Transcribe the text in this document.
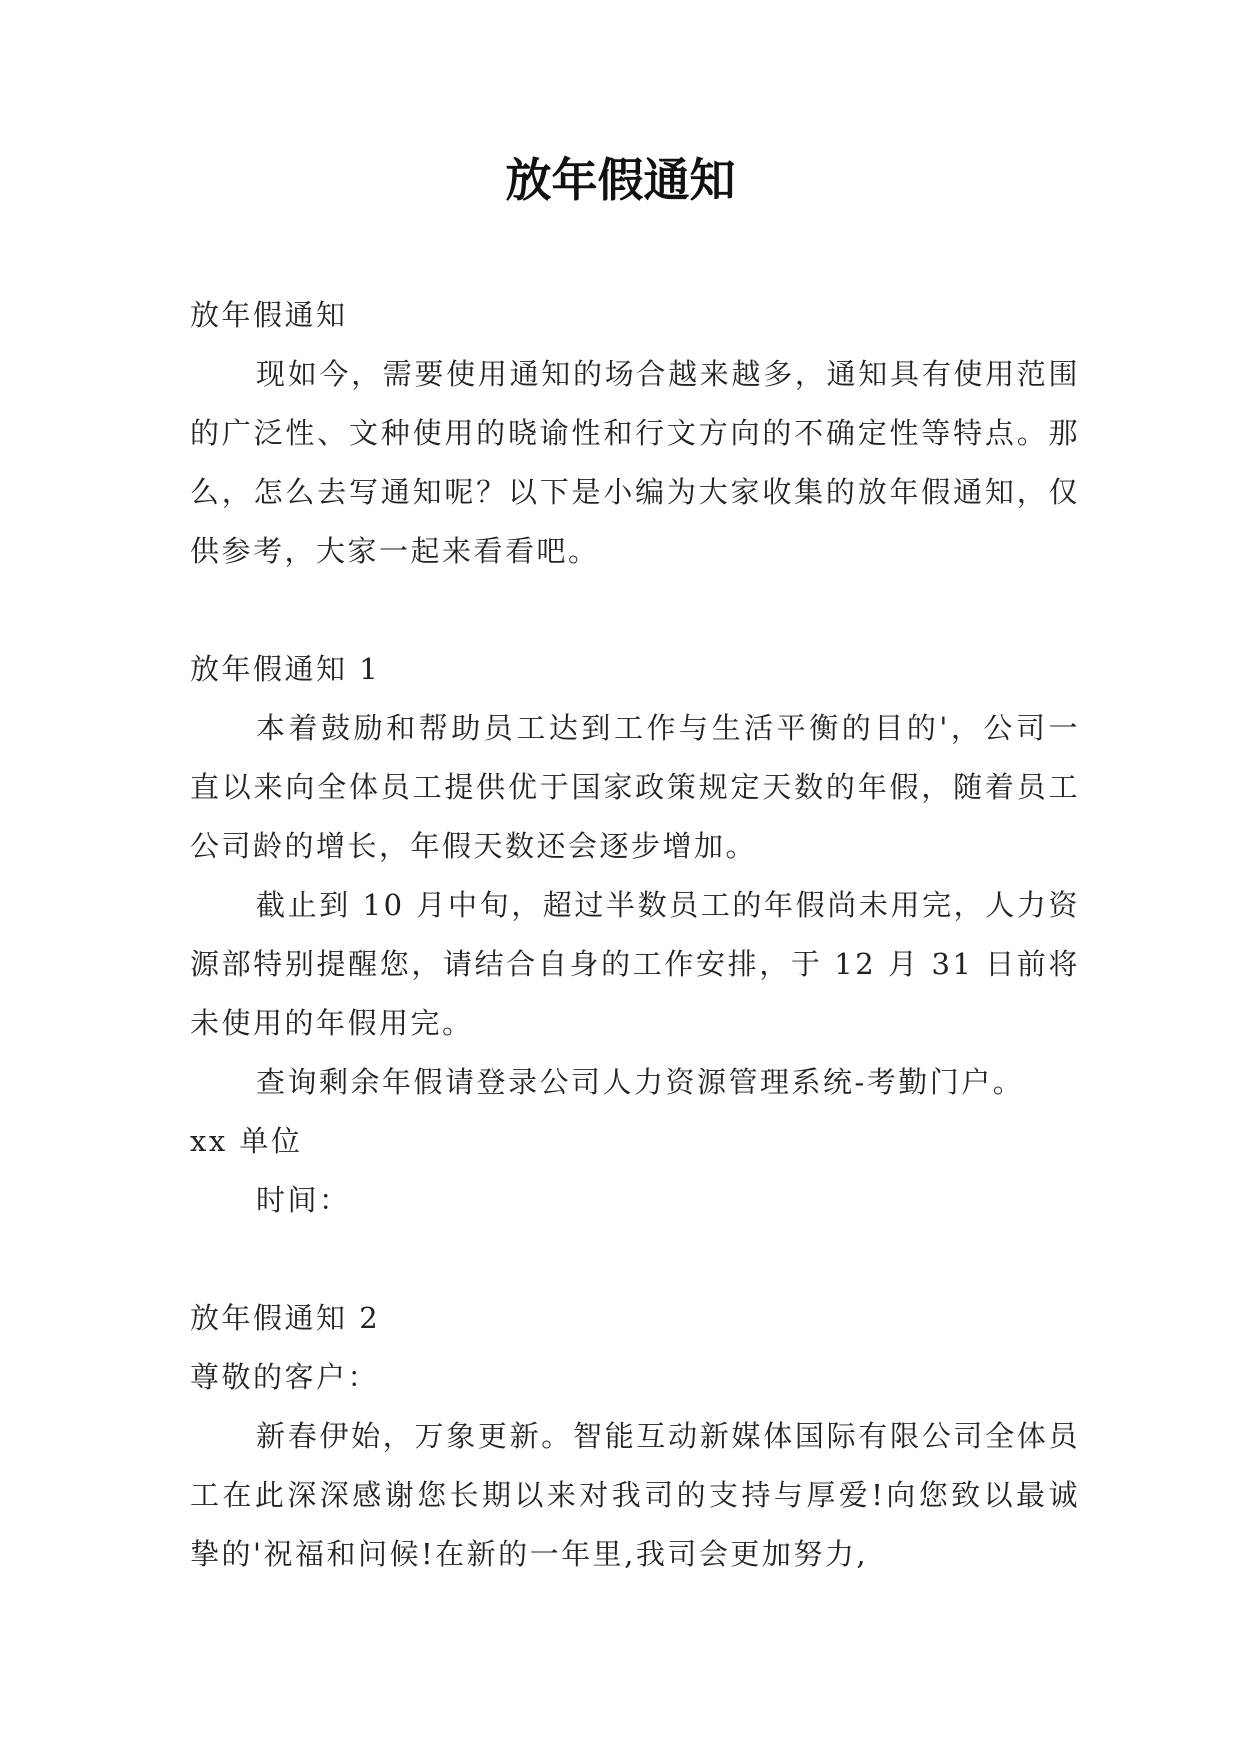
放年假通知

放年假通知

现如今，需要使用通知的场合越来越多，通知具有使用范围的广泛性、文种使用的晓谕性和行文方向的不确定性等特点。那么，怎么去写通知呢？以下是小编为大家收集的放年假通知，仅供参考，大家一起来看看吧。

放年假通知 1

本着鼓励和帮助员工达到工作与生活平衡的目的'，公司一直以来向全体员工提供优于国家政策规定天数的年假，随着员工公司龄的增长，年假天数还会逐步增加。

截止到 10 月中旬，超过半数员工的年假尚未用完，人力资源部特别提醒您，请结合自身的工作安排，于 12 月 31 日前将未使用的年假用完。

查询剩余年假请登录公司人力资源管理系统-考勤门户。

xx 单位

时间：

放年假通知 2

尊敬的客户：

新春伊始，万象更新。智能互动新媒体国际有限公司全体员工在此深深感谢您长期以来对我司的支持与厚爱!向您致以最诚挚的'祝福和问候!在新的一年里,我司会更加努力,
